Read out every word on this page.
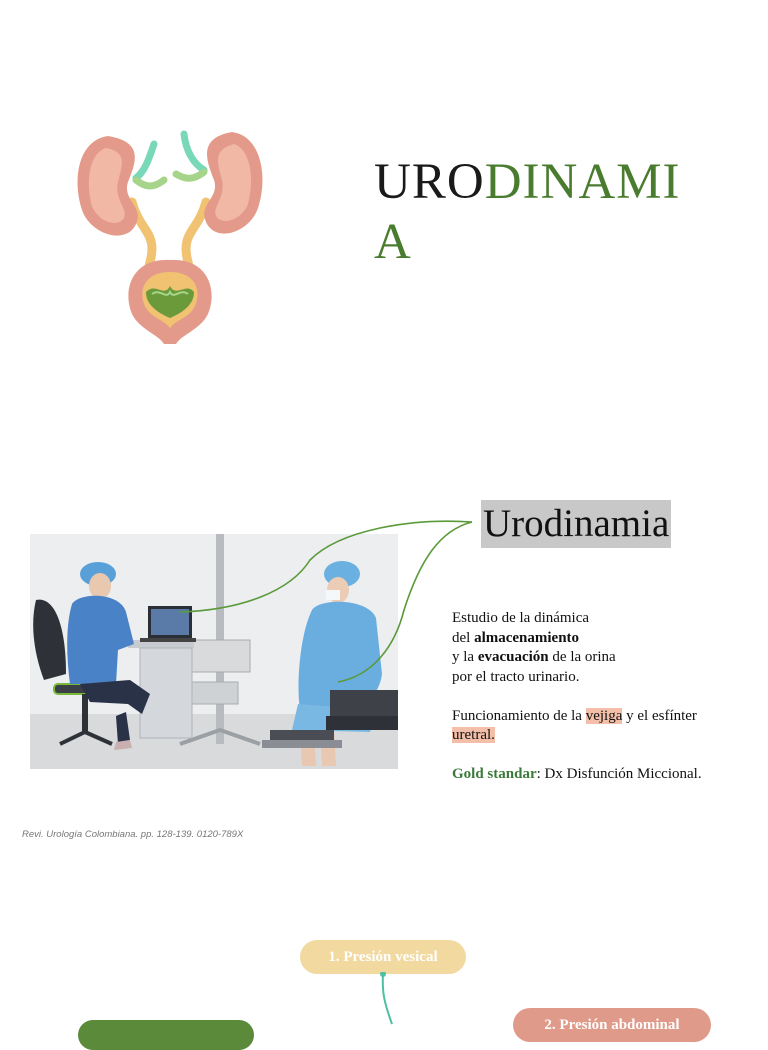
URODINAMI
A
Urodinamia

Estudio de la dinámica

del almacenamiento

y la evacuación de la orina

por el tracto urinario.

Funcionamiento de la vejiga y el esfínter

uretral.

Gold standar: Dx Disfunción Miccional.

Revi. Urología Colombiana. pp. 128-139. 0120-789X
1. Presión vesical
2. Presión abdominal
